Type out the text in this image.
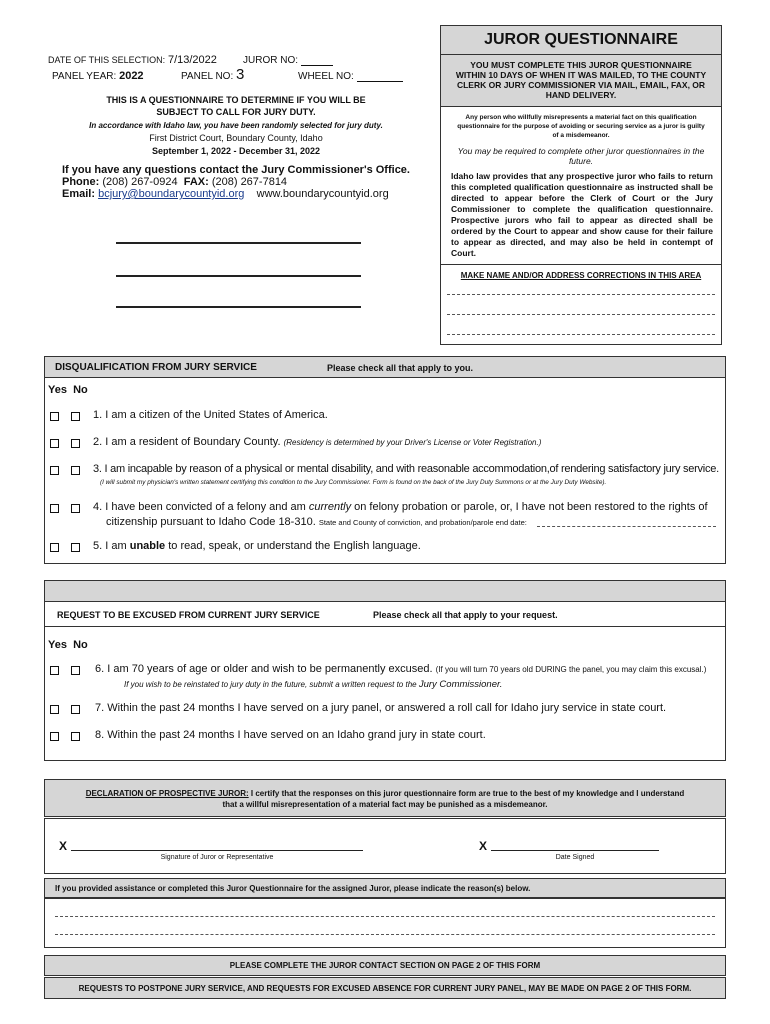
DATE OF THIS SELECTION: 7/13/2022	JUROR NO:
PANEL YEAR: 2022	PANEL NO: 3	WHEEL NO:
THIS IS A QUESTIONNAIRE TO DETERMINE IF YOU WILL BE
SUBJECT TO CALL FOR JURY DUTY.
In accordance with Idaho law, you have been randomly selected for jury duty.
First District Court, Boundary County, Idaho
September 1, 2022 - December 31, 2022
If you have any questions contact the Jury Commissioner's Office.
Phone: (208) 267-0924 FAX: (208) 267-7814
Email: bcjury@boundarycountyid.org www.boundarycountyid.org
JUROR QUESTIONNAIRE
YOU MUST COMPLETE THIS JUROR QUESTIONNAIRE WITHIN 10 DAYS OF WHEN IT WAS MAILED, TO THE COUNTY CLERK OR JURY COMMISSIONER VIA MAIL, EMAIL, FAX, OR HAND DELIVERY.
Any person who willfully misrepresents a material fact on this qualification questionnaire for the purpose of avoiding or securing service as a juror is guilty of a misdemeanor.
You may be required to complete other juror questionnaires in the future.
Idaho law provides that any prospective juror who fails to return this completed qualification questionnaire as instructed shall be directed to appear before the Clerk of Court or the Jury Commissioner to complete the qualification questionnaire. Prospective jurors who fail to appear as directed shall be ordered by the Court to appear and show cause for their failure to appear as directed, and may also be held in contempt of Court.
MAKE NAME AND/OR ADDRESS CORRECTIONS IN THIS AREA
DISQUALIFICATION FROM JURY SERVICE	Please check all that apply to you.
Yes No
1. I am a citizen of the United States of America.
2. I am a resident of Boundary County. (Residency is determined by your Driver's License or Voter Registration.)
3. I am incapable by reason of a physical or mental disability, and with reasonable accommodation,of rendering satisfactory jury service.
(I will submit my physician's written statement certifying this condition to the Jury Commissioner. Form is found on the back of the Jury Duty Summons or at the Jury Duty Website).
4. I have been convicted of a felony and am currently on felony probation or parole, or, I have not been restored to the rights of
citizenship pursuant to Idaho Code 18-310. State and County of conviction, and probation/parole end date:
5. I am unable to read, speak, or understand the English language.
REQUEST TO BE EXCUSED FROM CURRENT JURY SERVICE	Please check all that apply to your request.
Yes No
6. I am 70 years of age or older and wish to be permanently excused. (If you will turn 70 years old DURING the panel, you may claim this excusal.)
If you wish to be reinstated to jury duty in the future, submit a written request to the Jury Commissioner.
7. Within the past 24 months I have served on a jury panel, or answered a roll call for Idaho jury service in state court.
8. Within the past 24 months I have served on an Idaho grand jury in state court.
DECLARATION OF PROSPECTIVE JUROR: I certify that the responses on this juror questionnaire form are true to the best of my knowledge and I understand
that a willful misrepresentation of a material fact may be punished as a misdemeanor.
X
Signature of Juror or Representative
X
Date Signed
If you provided assistance or completed this Juror Questionnaire for the assigned Juror, please indicate the reason(s) below.
PLEASE COMPLETE THE JUROR CONTACT SECTION ON PAGE 2 OF THIS FORM
REQUESTS TO POSTPONE JURY SERVICE, AND REQUESTS FOR EXCUSED ABSENCE FOR CURRENT JURY PANEL, MAY BE MADE ON PAGE 2 OF THIS FORM.
